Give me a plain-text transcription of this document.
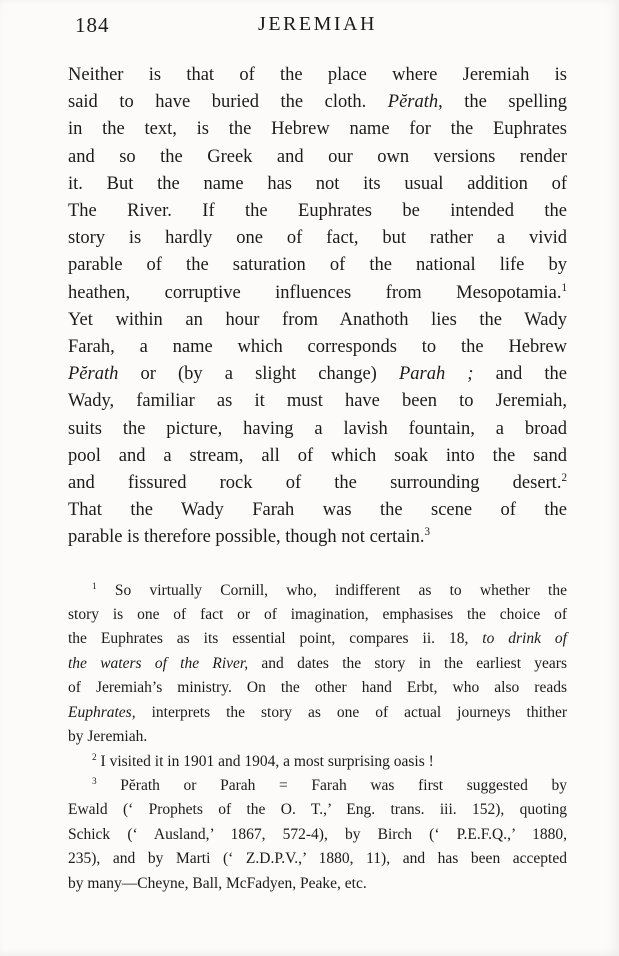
184	JEREMIAH
Neither is that of the place where Jeremiah is
said to have buried the cloth. Pĕrath, the spelling
in the text, is the Hebrew name for the Euphrates
and so the Greek and our own versions render
it. But the name has not its usual addition of
The River. If the Euphrates be intended the
story is hardly one of fact, but rather a vivid
parable of the saturation of the national life by
heathen, corruptive influences from Mesopotamia.$^1$
Yet within an hour from Anathoth lies the Wady
Farah, a name which corresponds to the Hebrew
Pĕrath or (by a slight change) Parah ; and the
Wady, familiar as it must have been to Jeremiah,
suits the picture, having a lavish fountain, a broad
pool and a stream, all of which soak into the sand
and fissured rock of the surrounding desert.$^2$
That the Wady Farah was the scene of the
parable is therefore possible, though not certain.$^3$
$^1$ So virtually Cornill, who, indifferent as to whether the
story is one of fact or of imagination, emphasises the choice of
the Euphrates as its essential point, compares ii. 18, to drink of
the waters of the River, and dates the story in the earliest years
of Jeremiah’s ministry. On the other hand Erbt, who also reads
Euphrates, interprets the story as one of actual journeys thither
by Jeremiah.
$^2$ I visited it in 1901 and 1904, a most surprising oasis !
$^3$ Pĕrath or Parah = Farah was first suggested by
Ewald (‘ Prophets of the O. T.,’ Eng. trans. iii. 152), quoting
Schick (‘ Ausland,’ 1867, 572-4), by Birch (‘ P.E.F.Q.,’ 1880,
235), and by Marti (‘ Z.D.P.V.,’ 1880, 11), and has been accepted
by many—Cheyne, Ball, McFadyen, Peake, etc.
